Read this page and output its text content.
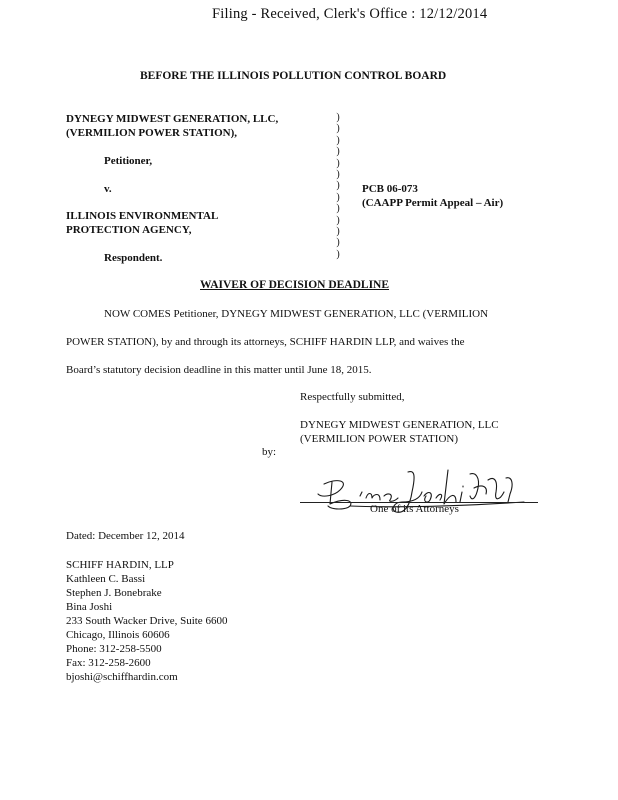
Filing - Received, Clerk's Office : 12/12/2014
BEFORE THE ILLINOIS POLLUTION CONTROL BOARD
DYNEGY MIDWEST GENERATION, LLC,
(VERMILION POWER STATION),
Petitioner,
v.
ILLINOIS ENVIRONMENTAL
PROTECTION AGENCY,
Respondent.
)
)
)
)
)
)
)
)
)
)
)
)
)
PCB 06-073
(CAAPP Permit Appeal – Air)
WAIVER OF DECISION DEADLINE
NOW COMES Petitioner, DYNEGY MIDWEST GENERATION, LLC (VERMILION
POWER STATION), by and through its attorneys, SCHIFF HARDIN LLP, and waives the
Board’s statutory decision deadline in this matter until June 18, 2015.
Respectfully submitted,
DYNEGY MIDWEST GENERATION, LLC
(VERMILION POWER STATION)
by:
One of its Attorneys
Dated: December 12, 2014
SCHIFF HARDIN, LLP
Kathleen C. Bassi
Stephen J. Bonebrake
Bina Joshi
233 South Wacker Drive, Suite 6600
Chicago, Illinois 60606
Phone: 312-258-5500
Fax: 312-258-2600
bjoshi@schiffhardin.com
